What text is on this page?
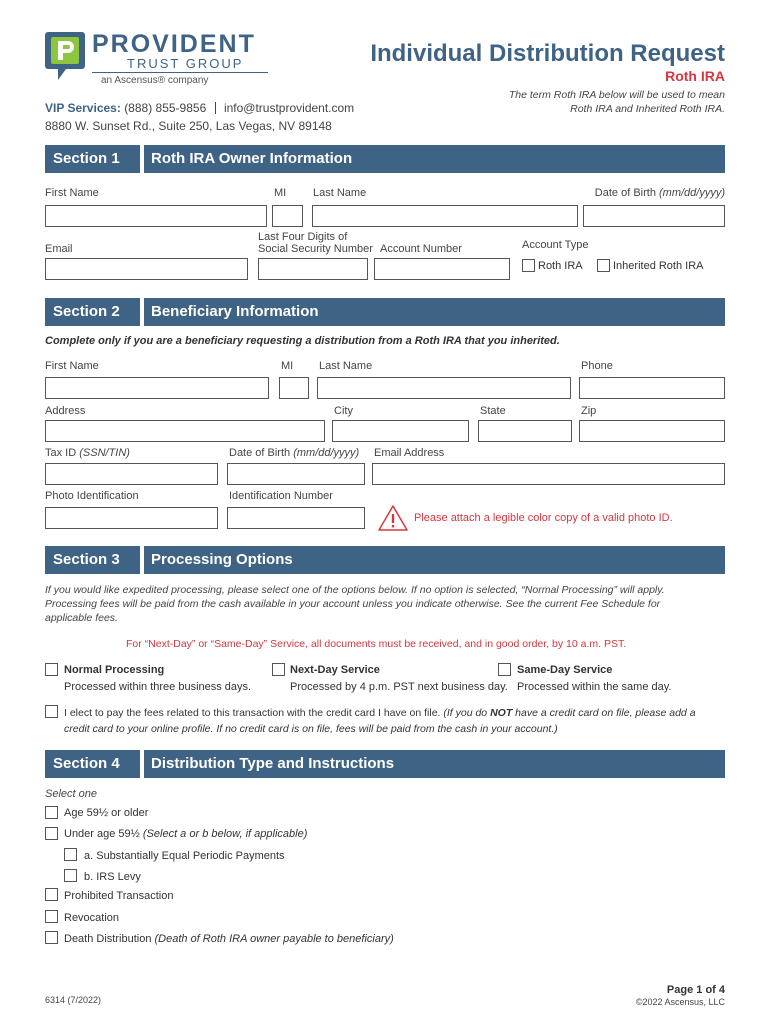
PROVIDENT
TRUST GROUP
an Ascensus® company
VIP Services: (888) 855-9856 info@trustprovident.com
8880 W. Sunset Rd., Suite 250, Las Vegas, NV 89148
Individual Distribution Request
Roth IRA
The term Roth IRA below will be used to mean
Roth IRA and Inherited Roth IRA.
Section 1	Roth IRA Owner Information
First Name	MI Last Name	Date of Birth (mm/dd/yyyy)
Email
Last Four Digits of
Social Security Number Account Number	Account Type
Roth IRA	Inherited Roth IRA
Section 2	Beneficiary Information
Complete only if you are a beneficiary requesting a distribution from a Roth IRA that you inherited.
First Name	MI Last Name	Phone
Address	City	State	Zip
Tax ID (SSN/TIN)	Date of Birth (mm/dd/yyyy) Email Address
Photo Identification	Identification Number
Please attach a legible color copy of a valid photo ID.
Section 3	Processing Options
If you would like expedited processing, please select one of the options below. If no option is selected, “Normal Processing” will apply.
Processing fees will be paid from the cash available in your account unless you indicate otherwise. See the current Fee Schedule for
applicable fees.
For “Next-Day” or “Same-Day” Service, all documents must be received, and in good order, by 10 a.m. PST.
Normal Processing
Processed within three business days.
Next-Day Service
Processed by 4 p.m. PST next business day.
Same-Day Service
Processed within the same day.
I elect to pay the fees related to this transaction with the credit card I have on file. (If you do NOT have a credit card on file, please add a
credit card to your online profile. If no credit card is on file, fees will be paid from the cash in your account.)
Section 4	Distribution Type and Instructions
Select one
Age 59½ or older
Under age 59½ (Select a or b below, if applicable)
a. Substantially Equal Periodic Payments
b. IRS Levy
Prohibited Transaction
Revocation
Death Distribution (Death of Roth IRA owner payable to beneficiary)
6314 (7/2022)
Page 1 of 4
©2022 Ascensus, LLC
